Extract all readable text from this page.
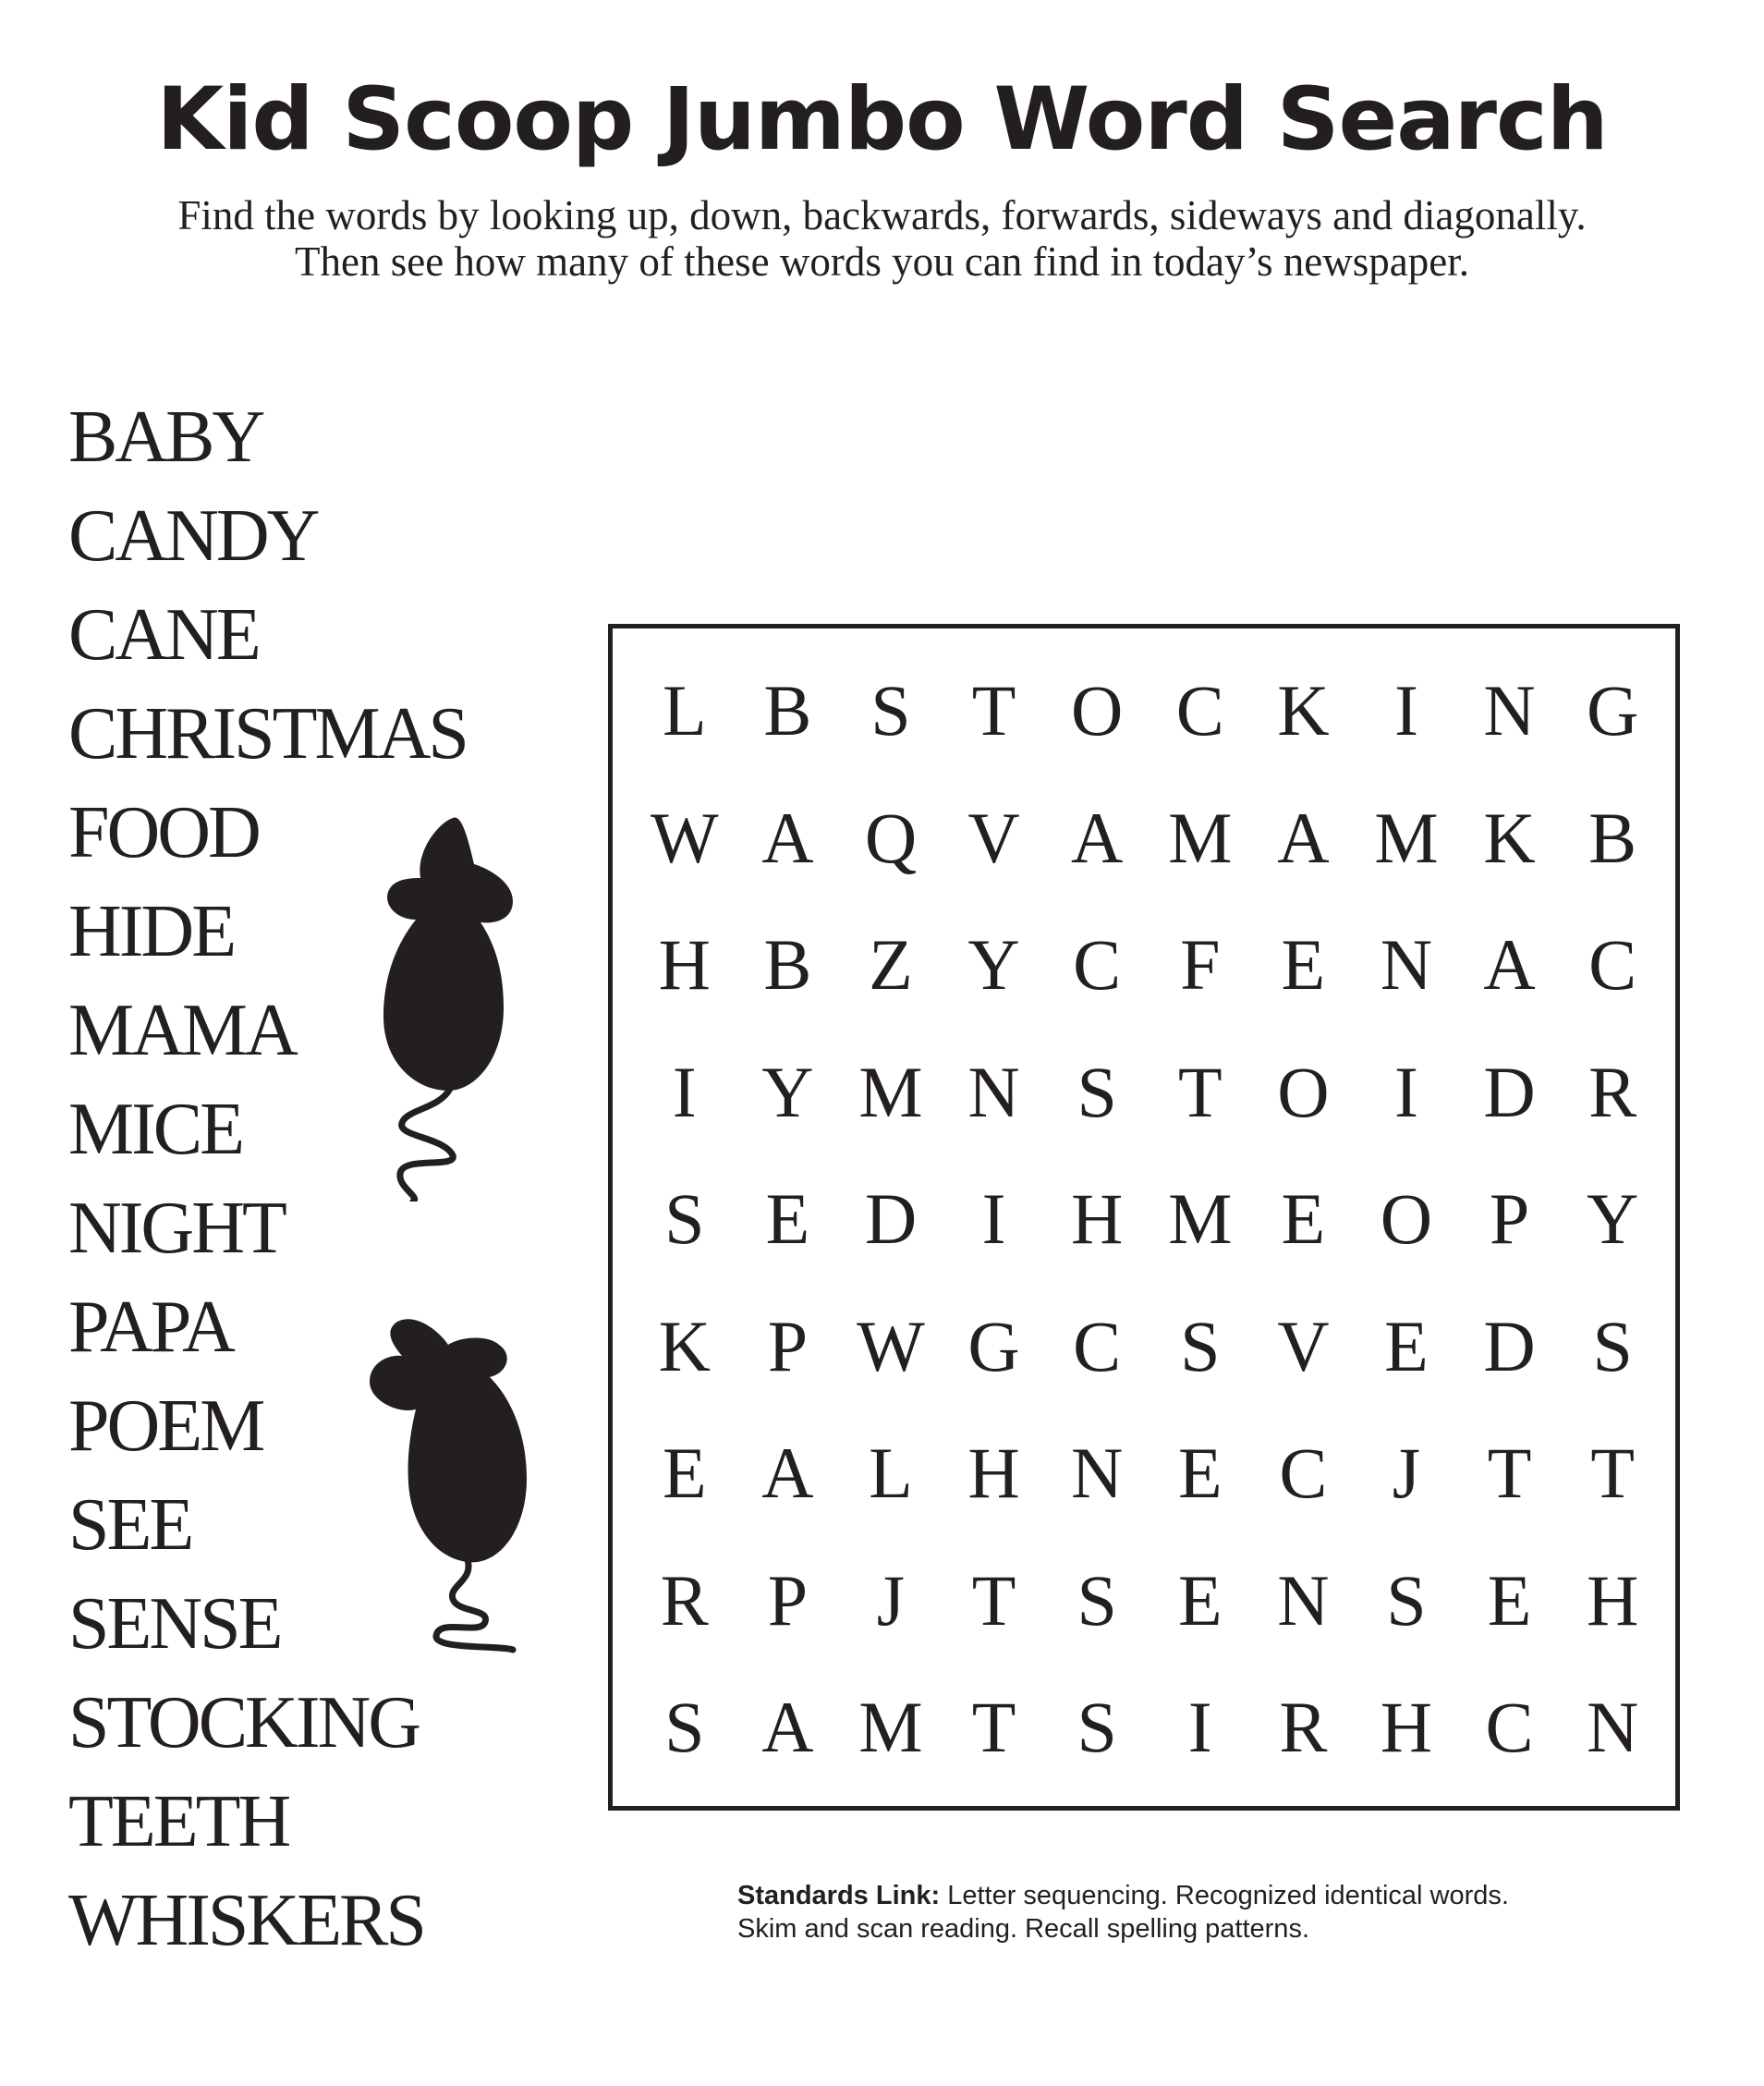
Kid Scoop Jumbo Word Search
Find the words by looking up, down, backwards, forwards, sideways and diagonally.
Then see how many of these words you can find in today’s newspaper.
BABY
CANDY
CANE
CHRISTMAS
FOOD
HIDE
MAMA
MICE
NIGHT
PAPA
POEM
SEE
SENSE
STOCKING
TEETH
WHISKERS
L B S T O C K I N G
W A Q V A M A M K B
H B Z Y C F E N A C
I Y M N S T O I D R
S E D I H M E O P Y
K P W G C S V E D S
E A L H N E C J T T
R P J T S E N S E H
S A M T S I R H C N
Standards Link: Letter sequencing. Recognized identical words.
Skim and scan reading. Recall spelling patterns.
